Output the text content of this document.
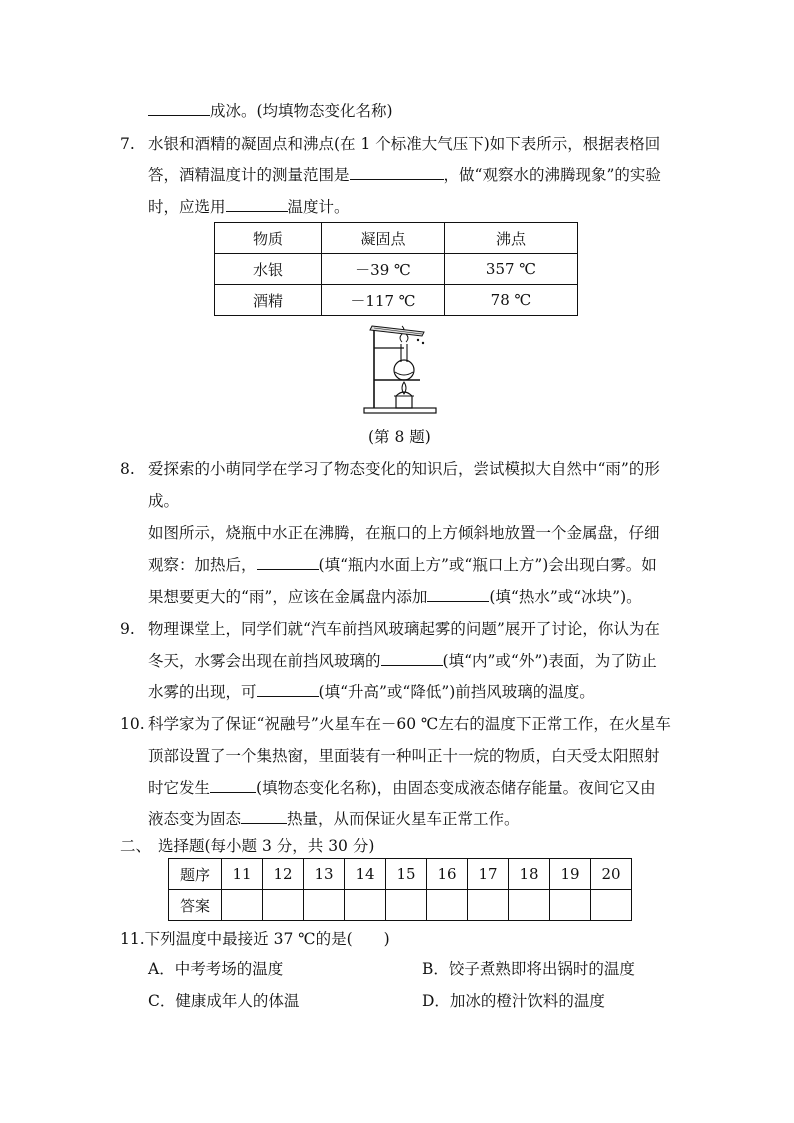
成冰。(均填物态变化名称)
7. 水银和酒精的凝固点和沸点(在 1 个标准大气压下)如下表所示，根据表格回
答，酒精温度计的测量范围是	，做“观察水的沸腾现象”的实验
时，应选用	温度计。
物质	凝固点	沸点
水银	－39 ℃	357 ℃
酒精	－117 ℃	78 ℃
(第 8 题)
8. 爱探索的小萌同学在学习了物态变化的知识后，尝试模拟大自然中“雨”的形
成。
如图所示，烧瓶中水正在沸腾，在瓶口的上方倾斜地放置一个金属盘，仔细
观察：加热后，	(填“瓶内水面上方”或“瓶口上方”)会出现白雾。如
果想要更大的“雨”，应该在金属盘内添加	(填“热水”或“冰块”)。
9. 物理课堂上，同学们就“汽车前挡风玻璃起雾的问题”展开了讨论，你认为在
冬天，水雾会出现在前挡风玻璃的	(填“内”或“外”)表面，为了防止
水雾的出现，可	(填“升高”或“降低”)前挡风玻璃的温度。
10. 科学家为了保证“祝融号”火星车在－60 ℃左右的温度下正常工作，在火星车
顶部设置了一个集热窗，里面装有一种叫正十一烷的物质，白天受太阳照射
时它发生	(填物态变化名称)，由固态变成液态储存能量。夜间它又由
液态变为固态	热量，从而保证火星车正常工作。
二、 选择题(每小题 3 分，共 30 分)
题序	11	12	13	14	15	16	17	18	19	20
答案										
11.下列温度中最接近 37 ℃的是(　　)
A．中考考场的温度	B．饺子煮熟即将出锅时的温度
C．健康成年人的体温	D．加冰的橙汁饮料的温度
